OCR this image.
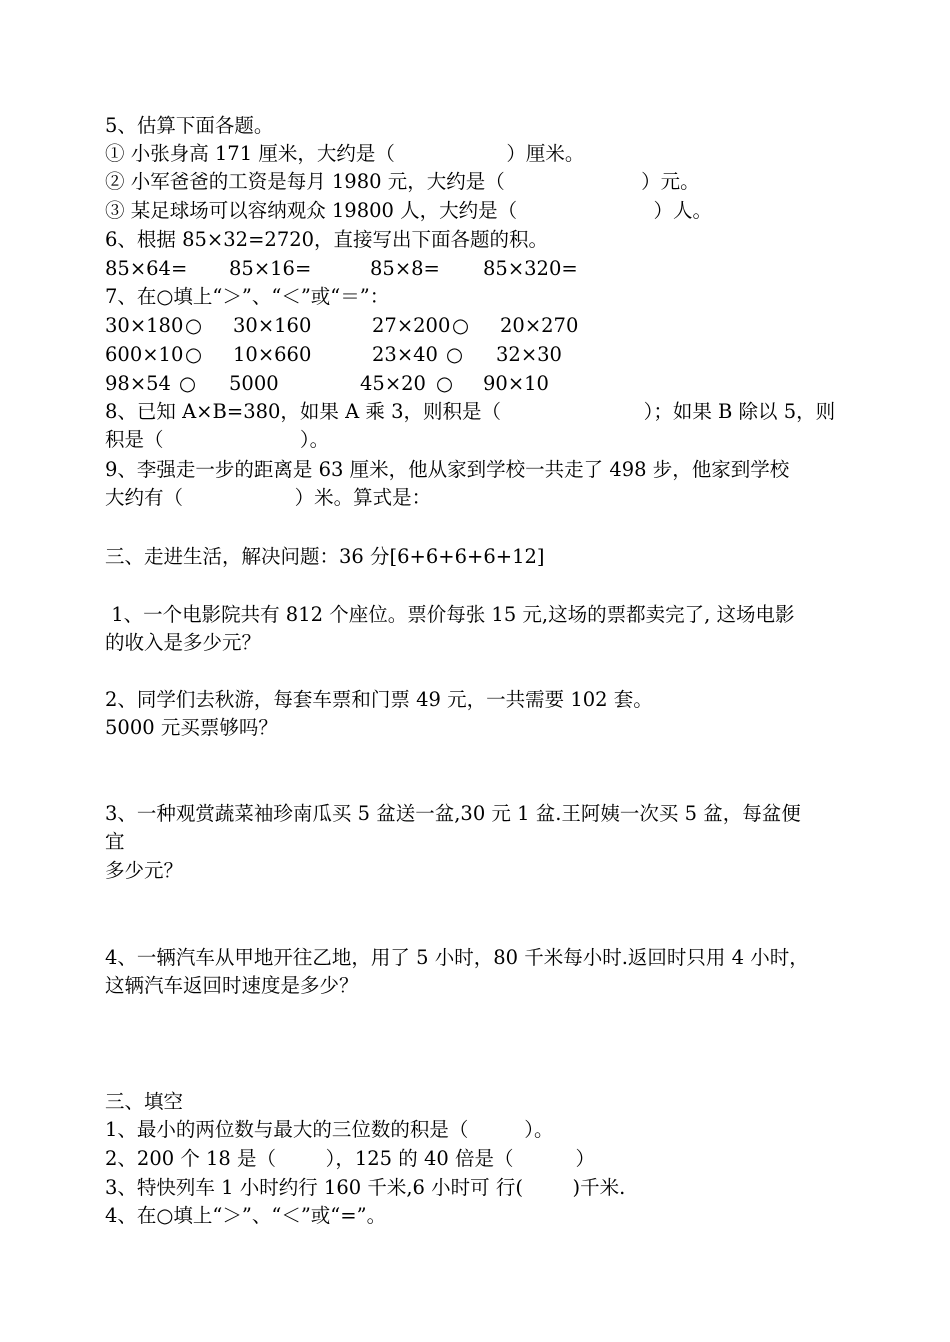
5、估算下面各题。
① 小张身高 171 厘米，大约是（                  ）厘米。
② 小军爸爸的工资是每月 1980 元，大约是（                      ）元。
③ 某足球场可以容纳观众 19800 人，大约是（                      ）人。
6、根据 85×32=2720，直接写出下面各题的积。
85×64= 85×16=	85×8= 85×320=
7、在○填上“＞”、“＜”或“＝”：
30×180 ○ 30×160	27×200 ○ 20×270
600×10 ○ 10×660	23×40 ○ 32×30
98×54 ○ 5000	45×20 ○ 90×10
8、已知 A×B=380，如果 A 乘 3，则积是（                       ）；如果 B 除以 5，则
积是（                      ）。
9、李强走一步的距离是 63 厘米，他从家到学校一共走了 498 步，他家到学校
大约有（                  ）米。算式是：
三、走进生活，解决问题：36 分[6+6+6+6+12]
1、一个电影院共有 812 个座位。票价每张 15 元,这场的票都卖完了, 这场电影
的收入是多少元？
2、同学们去秋游，每套车票和门票 49 元，一共需要 102 套。
5000 元买票够吗？
3、一种观赏蔬菜袖珍南瓜买 5 盆送一盆,30 元 1 盆.王阿姨一次买 5 盆，每盆便
宜
多少元？
4、一辆汽车从甲地开往乙地，用了 5 小时，80 千米每小时.返回时只用 4 小时，
这辆汽车返回时速度是多少？
三、填空
1、最小的两位数与最大的三位数的积是（         ）。
2、200 个 18 是（        ），125 的 40 倍是（          ）
3、特快列车 1 小时约行 160 千米,6 小时可 行(        )千米.
4、在○填上“＞”、“＜”或“=”。
